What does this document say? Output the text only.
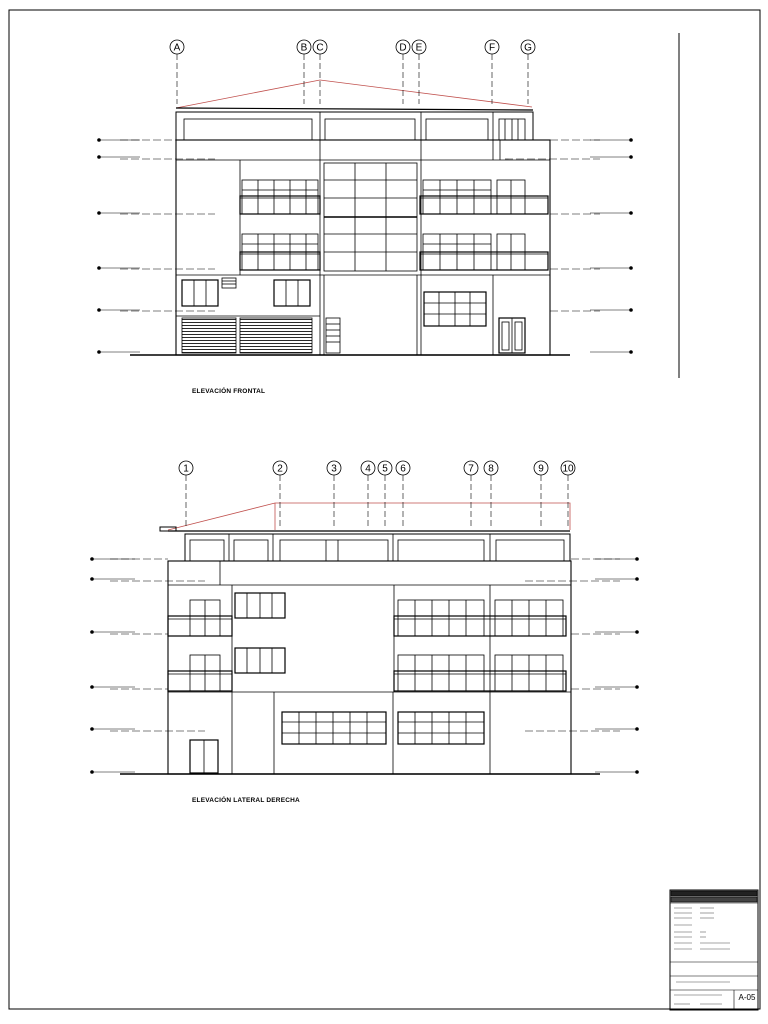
A	B C	D E	F	G
1	2	3	4 5 6	7 8	9 10
ELEVACIÓN FRONTAL
ELEVACIÓN LATERAL DERECHA
A-05
